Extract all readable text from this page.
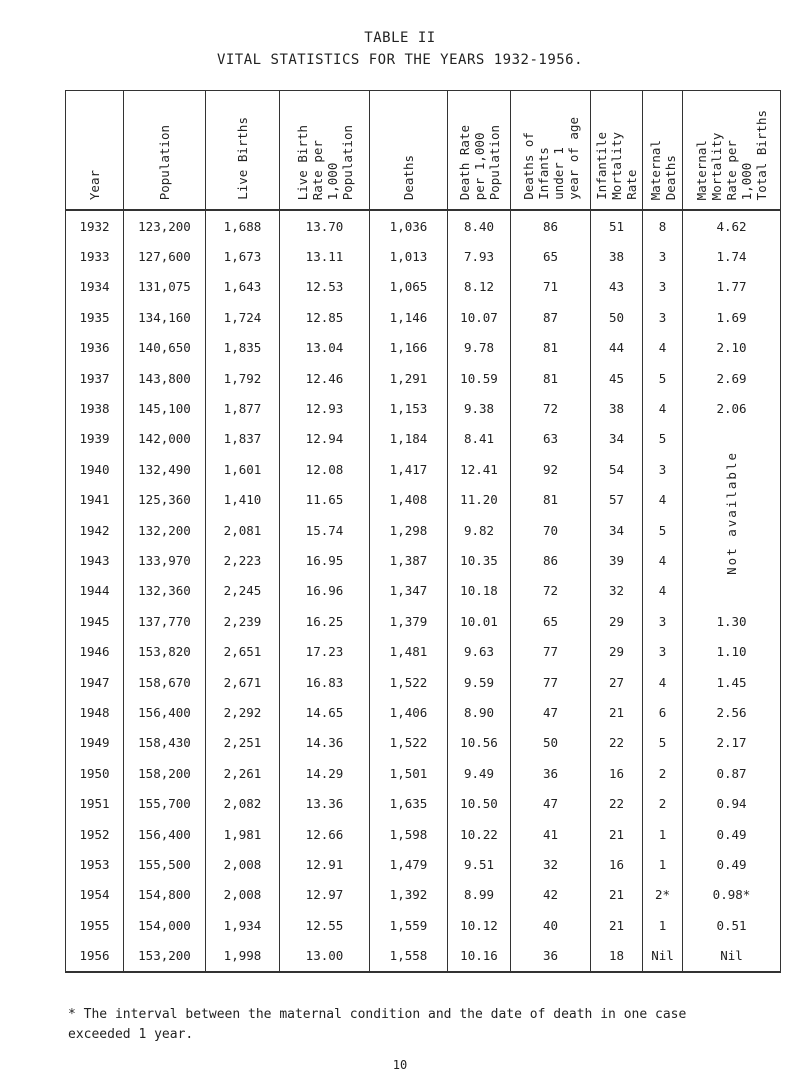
TABLE II
VITAL STATISTICS FOR THE YEARS 1932-1956.
Year	Population	Live Births	Live Birth
Rate per
1,000
Population	Deaths	Death Rate
per 1,000
Population	Deaths of
Infants
under 1
year of age	Infantile
Mortality
Rate	Maternal
Deaths	Maternal
Mortality
Rate per
1,000
Total Births
1932	123,200	1,688	13.70	1,036	8.40	86	51	8	4.62
1933	127,600	1,673	13.11	1,013	7.93	65	38	3	1.74
1934	131,075	1,643	12.53	1,065	8.12	71	43	3	1.77
1935	134,160	1,724	12.85	1,146	10.07	87	50	3	1.69
1936	140,650	1,835	13.04	1,166	9.78	81	44	4	2.10
1937	143,800	1,792	12.46	1,291	10.59	81	45	5	2.69
1938	145,100	1,877	12.93	1,153	9.38	72	38	4	2.06
1939	142,000	1,837	12.94	1,184	8.41	63	34	5	Not available
1940	132,490	1,601	12.08	1,417	12.41	92	54	3	
1941	125,360	1,410	11.65	1,408	11.20	81	57	4	
1942	132,200	2,081	15.74	1,298	9.82	70	34	5	
1943	133,970	2,223	16.95	1,387	10.35	86	39	4	
1944	132,360	2,245	16.96	1,347	10.18	72	32	4	
1945	137,770	2,239	16.25	1,379	10.01	65	29	3	1.30
1946	153,820	2,651	17.23	1,481	9.63	77	29	3	1.10
1947	158,670	2,671	16.83	1,522	9.59	77	27	4	1.45
1948	156,400	2,292	14.65	1,406	8.90	47	21	6	2.56
1949	158,430	2,251	14.36	1,522	10.56	50	22	5	2.17
1950	158,200	2,261	14.29	1,501	9.49	36	16	2	0.87
1951	155,700	2,082	13.36	1,635	10.50	47	22	2	0.94
1952	156,400	1,981	12.66	1,598	10.22	41	21	1	0.49
1953	155,500	2,008	12.91	1,479	9.51	32	16	1	0.49
1954	154,800	2,008	12.97	1,392	8.99	42	21	2*	0.98*
1955	154,000	1,934	12.55	1,559	10.12	40	21	1	0.51
1956	153,200	1,998	13.00	1,558	10.16	36	18	Nil	Nil
* The interval between the maternal condition and the date of death in one case exceeded 1 year.
10
